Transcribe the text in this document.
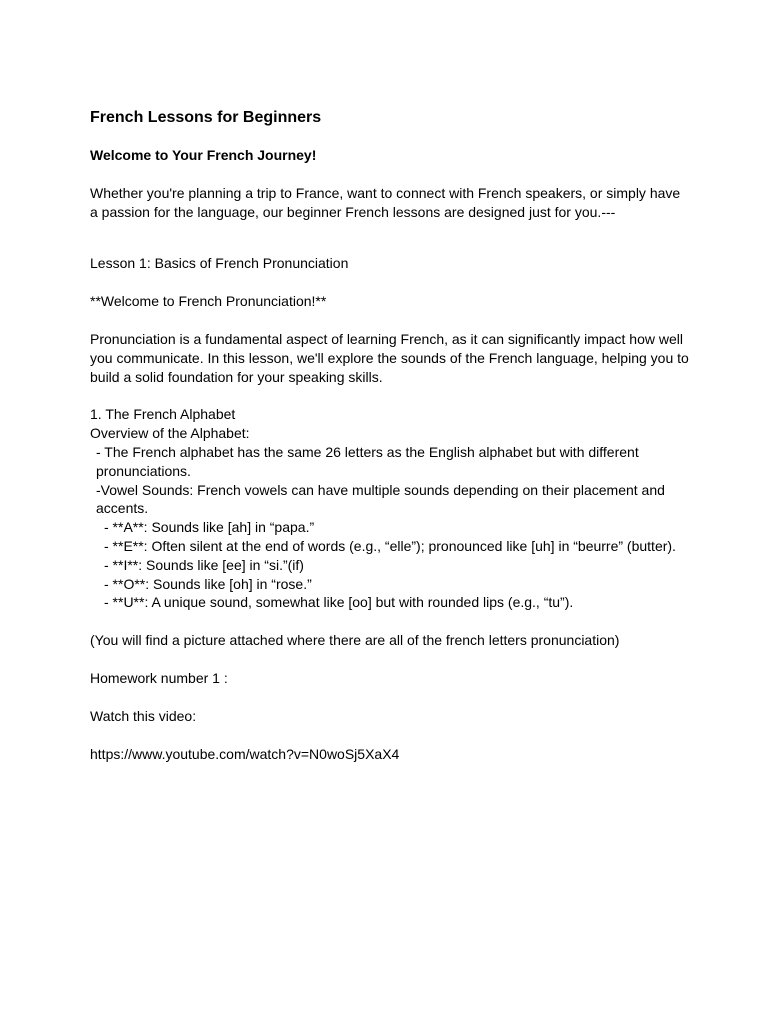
French Lessons for Beginners
Welcome to Your French Journey!
Whether you're planning a trip to France, want to connect with French speakers, or simply have a passion for the language, our beginner French lessons are designed just for you.---
Lesson 1: Basics of French Pronunciation
**Welcome to French Pronunciation!**
Pronunciation is a fundamental aspect of learning French, as it can significantly impact how well you communicate. In this lesson, we'll explore the sounds of the French language, helping you to build a solid foundation for your speaking skills.
1. The French Alphabet
Overview of the Alphabet:
- The French alphabet has the same 26 letters as the English alphabet but with different pronunciations.
-Vowel Sounds: French vowels can have multiple sounds depending on their placement and accents.
- **A**: Sounds like [ah] in “papa.”
- **E**: Often silent at the end of words (e.g., “elle”); pronounced like [uh] in “beurre” (butter).
- **I**: Sounds like [ee] in “si.”(if)
- **O**: Sounds like [oh] in “rose.”
- **U**: A unique sound, somewhat like [oo] but with rounded lips (e.g., “tu”).
(You will find a picture attached where there are all of the french letters pronunciation)
Homework number 1 :
Watch this video:
https://www.youtube.com/watch?v=N0woSj5XaX4
